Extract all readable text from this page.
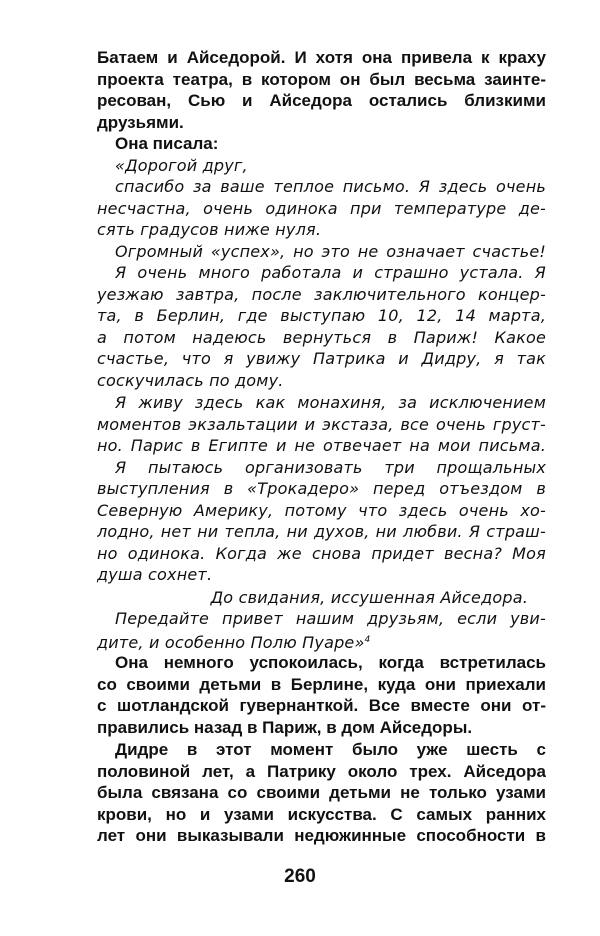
Батаем и Айседорой. И хотя она привела к краху
проекта театра, в котором он был весьма заинте-
ресован, Сью и Айседора остались близкими
друзьями.
Она писала:
«Дорогой друг,
спасибо за ваше теплое письмо. Я здесь очень
несчастна, очень одинока при температуре де-
сять градусов ниже нуля.
Огромный «успех», но это не означает счастье!
Я очень много работала и страшно устала. Я
уезжаю завтра, после заключительного концер-
та, в Берлин, где выступаю 10, 12, 14 марта,
а потом надеюсь вернуться в Париж! Какое
счастье, что я увижу Патрика и Дидру, я так
соскучилась по дому.
Я живу здесь как монахиня, за исключением
моментов экзальтации и экстаза, все очень груст-
но. Парис в Египте и не отвечает на мои письма.
Я пытаюсь организовать три прощальных
выступления в «Трокадеро» перед отъездом в
Северную Америку, потому что здесь очень хо-
лодно, нет ни тепла, ни духов, ни любви. Я страш-
но одинока. Когда же снова придет весна? Моя
душа сохнет.
До свидания, иссушенная Айседора.
Передайте привет нашим друзьям, если уви-
дите, и особенно Полю Пуаре»$^4$
Она немного успокоилась, когда встретилась
со своими детьми в Берлине, куда они приехали
с шотландской гувернанткой. Все вместе они от-
правились назад в Париж, в дом Айседоры.
Дидре в этот момент было уже шесть с
половиной лет, а Патрику около трех. Айседора
была связана со своими детьми не только узами
крови, но и узами искусства. С самых ранних
лет они выказывали недюжинные способности в
260
